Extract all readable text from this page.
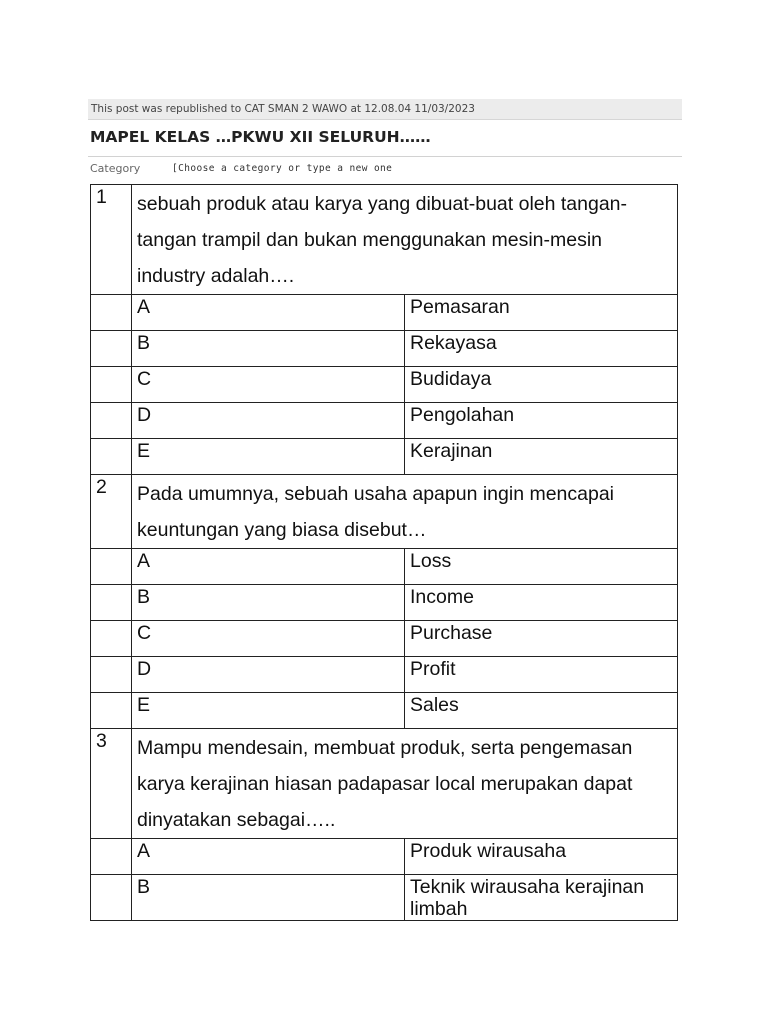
This post was republished to CAT SMAN 2 WAWO at 12.08.04 11/03/2023
MAPEL KELAS …PKWU XII SELURUH……
Category
[Choose a category or type a new one
1	sebuah produk atau karya yang dibuat-buat oleh tangan-tangan trampil dan bukan menggunakan mesin-mesin industry adalah….	
	A	Pemasaran
	B	Rekayasa
	C	Budidaya
	D	Pengolahan
	E	Kerajinan
2	Pada umumnya, sebuah usaha apapun ingin mencapai keuntungan yang biasa disebut…	
	A	Loss
	B	Income
	C	Purchase
	D	Profit
	E	Sales
3	Mampu mendesain, membuat produk, serta pengemasan karya kerajinan hiasan padapasar local merupakan dapat dinyatakan sebagai…..	
	A	Produk wirausaha
	B	Teknik wirausaha kerajinan limbah
